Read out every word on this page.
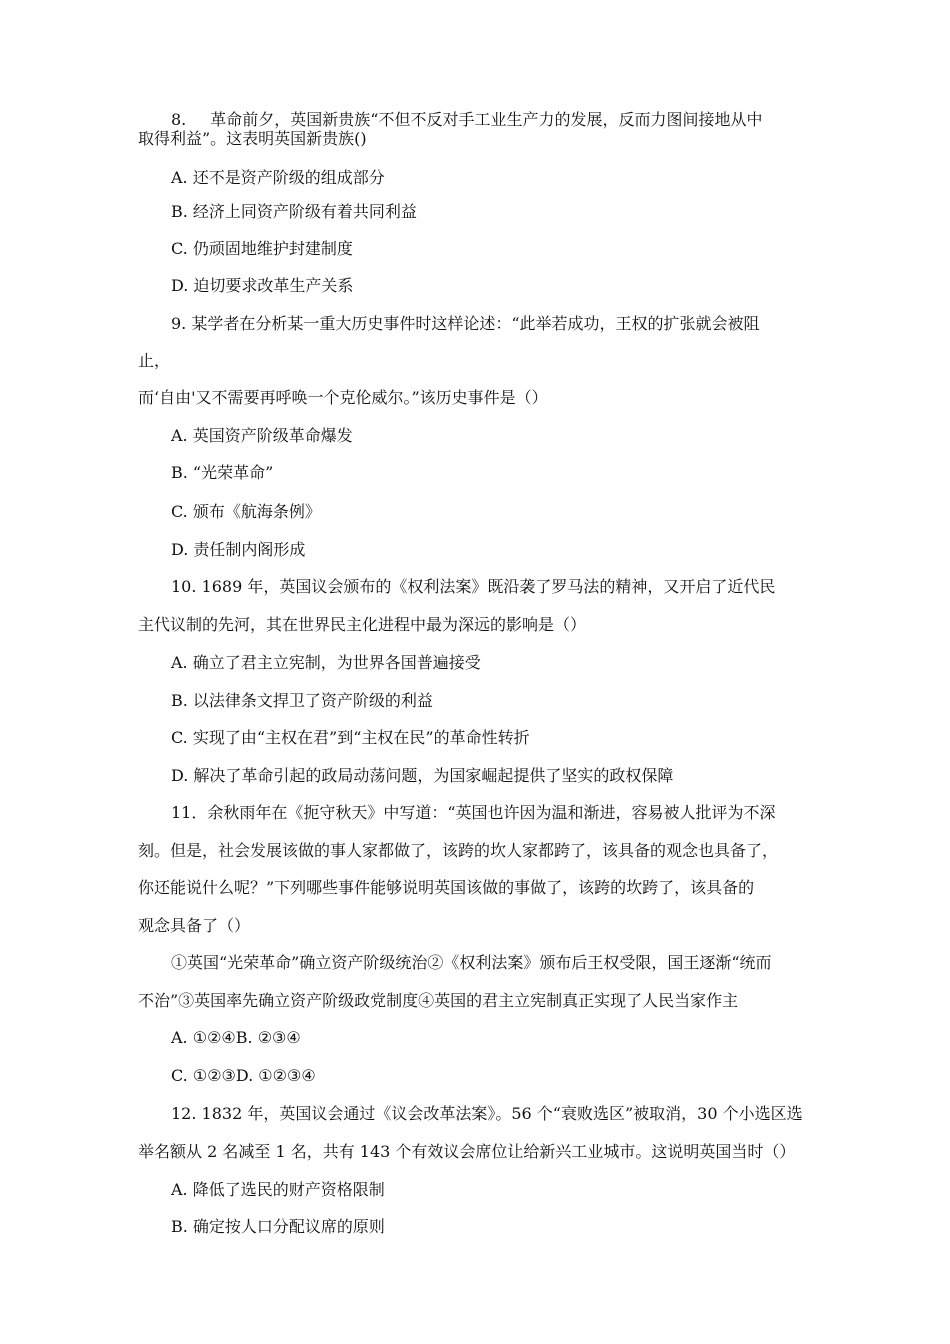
8.  革命前夕，英国新贵族“不但不反对手工业生产力的发展，反而力图间接地从中
取得利益”。这表明英国新贵族()
A. 还不是资产阶级的组成部分
B. 经济上同资产阶级有着共同利益
C. 仍顽固地维护封建制度
D. 迫切要求改革生产关系
9. 某学者在分析某一重大历史事件时这样论述：“此举若成功，王权的扩张就会被阻
止，
而‘自由'又不需要再呼唤一个克伦威尔。”该历史事件是（）
A. 英国资产阶级革命爆发
B. “光荣革命”
C. 颁布《航海条例》
D. 责任制内阁形成
10. 1689 年，英国议会颁布的《权利法案》既沿袭了罗马法的精神，又开启了近代民
主代议制的先河，其在世界民主化进程中最为深远的影响是（）
A. 确立了君主立宪制，为世界各国普遍接受
B. 以法律条文捍卫了资产阶级的利益
C. 实现了由“主权在君”到“主权在民”的革命性转折
D. 解决了革命引起的政局动荡问题，为国家崛起提供了坚实的政权保障
11．余秋雨年在《扼守秋天》中写道：“英国也许因为温和渐进，容易被人批评为不深
刻。但是，社会发展该做的事人家都做了，该跨的坎人家都跨了，该具备的观念也具备了，
你还能说什么呢？”下列哪些事件能够说明英国该做的事做了，该跨的坎跨了，该具备的
观念具备了（）
①英国“光荣革命”确立资产阶级统治②《权利法案》颁布后王权受限，国王逐渐“统而
不治”③英国率先确立资产阶级政党制度④英国的君主立宪制真正实现了人民当家作主
A. ①②④B. ②③④
C. ①②③D. ①②③④
12. 1832 年，英国议会通过《议会改革法案》。56 个“衰败选区”被取消，30 个小选区选
举名额从 2 名减至 1 名，共有 143 个有效议会席位让给新兴工业城市。这说明英国当时（）
A. 降低了选民的财产资格限制
B. 确定按人口分配议席的原则
